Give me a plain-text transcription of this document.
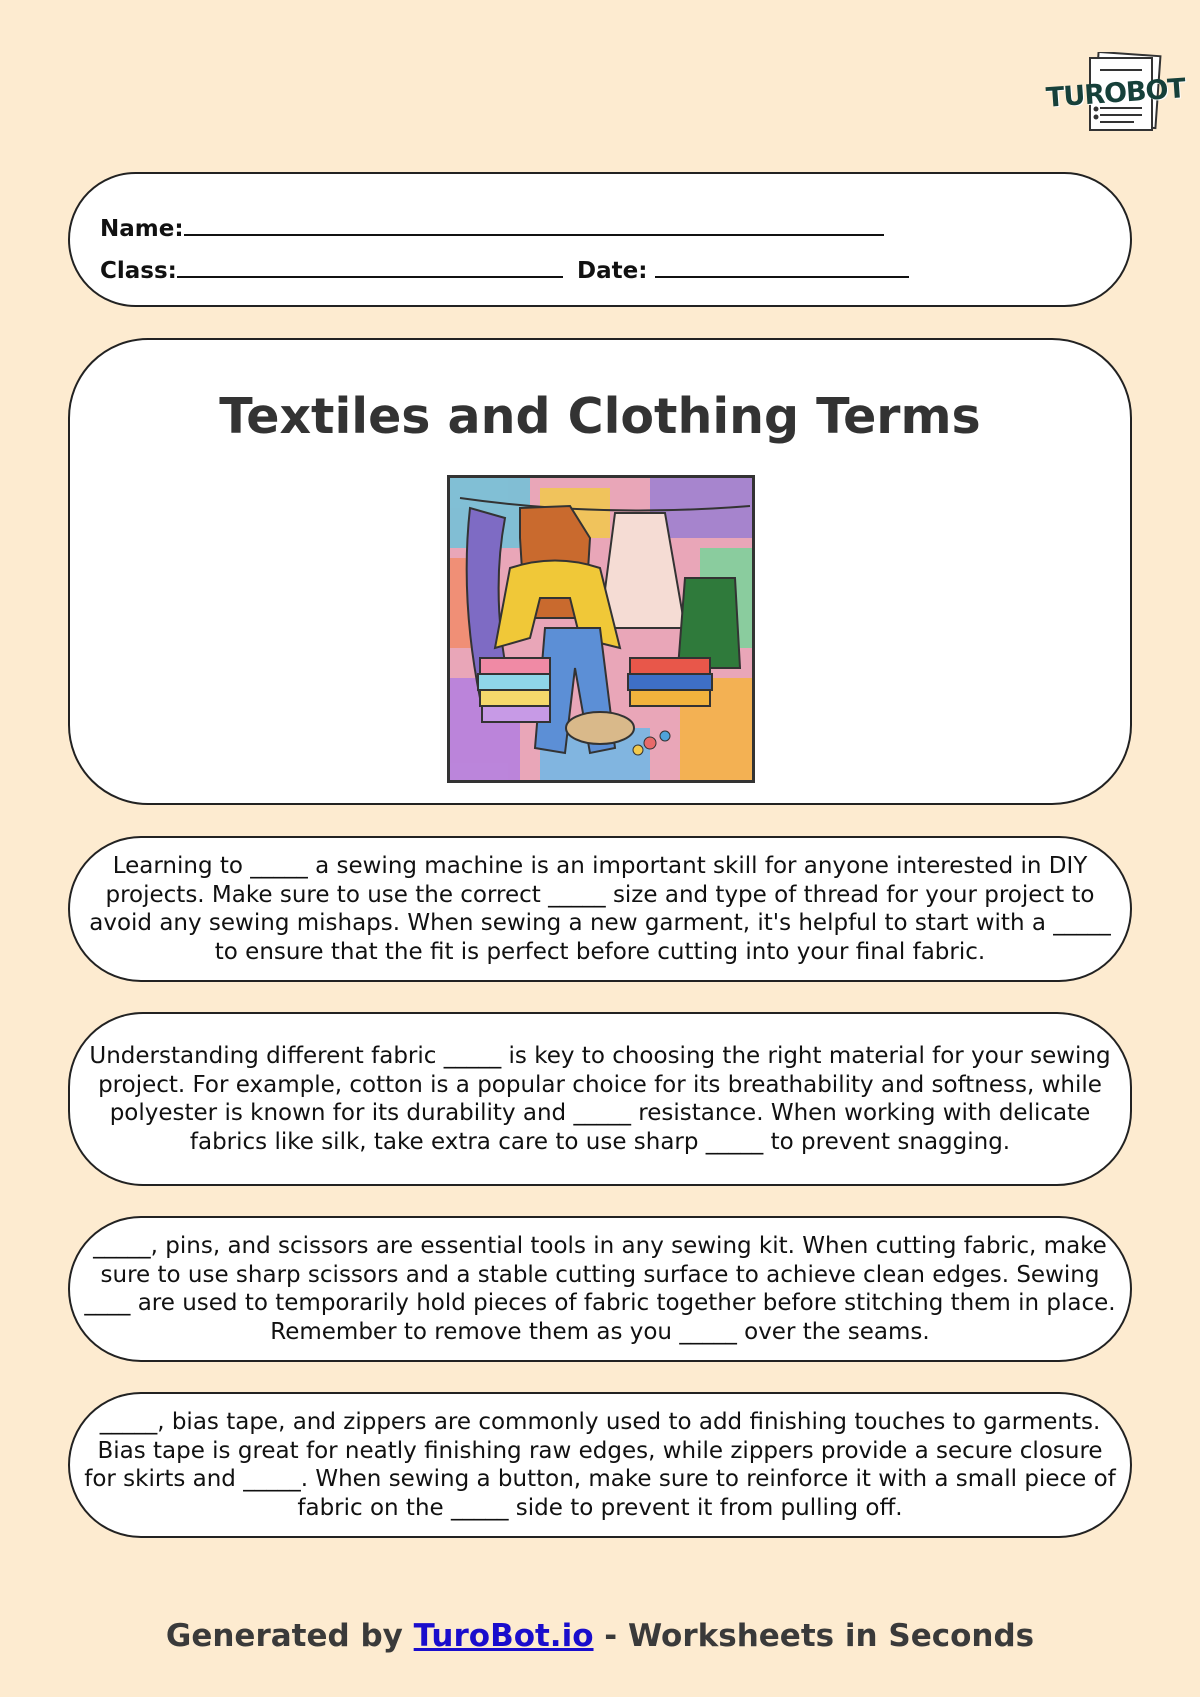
TUROBOT
Name:
Class:	Date:
Textiles and Clothing Terms
Learning to _____ a sewing machine is an important skill for anyone interested in DIY projects. Make sure to use the correct _____ size and type of thread for your project to avoid any sewing mishaps. When sewing a new garment, it's helpful to start with a _____ to ensure that the fit is perfect before cutting into your final fabric.
Understanding different fabric _____ is key to choosing the right material for your sewing project. For example, cotton is a popular choice for its breathability and softness, while polyester is known for its durability and _____ resistance. When working with delicate fabrics like silk, take extra care to use sharp _____ to prevent snagging.
_____, pins, and scissors are essential tools in any sewing kit. When cutting fabric, make sure to use sharp scissors and a stable cutting surface to achieve clean edges. Sewing ____ are used to temporarily hold pieces of fabric together before stitching them in place. Remember to remove them as you _____ over the seams.
_____, bias tape, and zippers are commonly used to add finishing touches to garments. Bias tape is great for neatly finishing raw edges, while zippers provide a secure closure for skirts and _____. When sewing a button, make sure to reinforce it with a small piece of fabric on the _____ side to prevent it from pulling off.
Generated by TuroBot.io - Worksheets in Seconds
